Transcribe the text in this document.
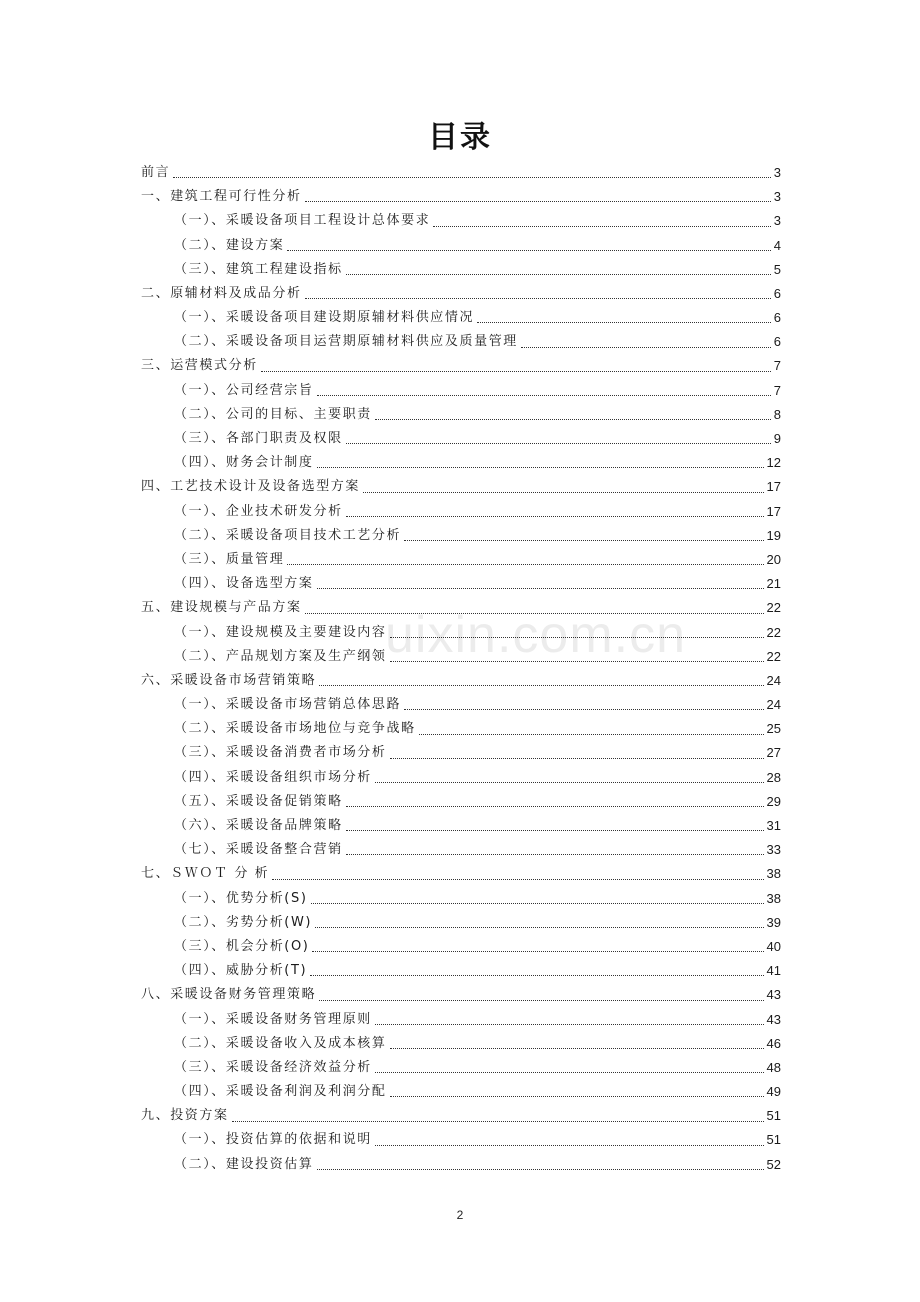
目录
前言	3
一、建筑工程可行性分析	3
（一）、采暖设备项目工程设计总体要求	3
（二）、建设方案	4
（三）、建筑工程建设指标	5
二、原辅材料及成品分析	6
（一）、采暖设备项目建设期原辅材料供应情况	6
（二）、采暖设备项目运营期原辅材料供应及质量管理	6
三、运营模式分析	7
（一）、公司经营宗旨	7
（二）、公司的目标、主要职责	8
（三）、各部门职责及权限	9
（四）、财务会计制度	12
四、工艺技术设计及设备选型方案	17
（一）、企业技术研发分析	17
（二）、采暖设备项目技术工艺分析	19
（三）、质量管理	20
（四）、设备选型方案	21
五、建设规模与产品方案	22
（一）、建设规模及主要建设内容	22
（二）、产品规划方案及生产纲领	22
六、采暖设备市场营销策略	24
（一）、采暖设备市场营销总体思路	24
（二）、采暖设备市场地位与竞争战略	25
（三）、采暖设备消费者市场分析	27
（四）、采暖设备组织市场分析	28
（五）、采暖设备促销策略	29
（六）、采暖设备品牌策略	31
（七）、采暖设备整合营销	33
七、ＳＷＯＴ 分 析	38
（一）、优势分析(S)	38
（二）、劣势分析(W)	39
（三）、机会分析(O)	40
（四）、威胁分析(T)	41
八、采暖设备财务管理策略	43
（一）、采暖设备财务管理原则	43
（二）、采暖设备收入及成本核算	46
（三）、采暖设备经济效益分析	48
（四）、采暖设备利润及利润分配	49
九、投资方案	51
（一）、投资估算的依据和说明	51
（二）、建设投资估算	52
uixin.com.cn
2
